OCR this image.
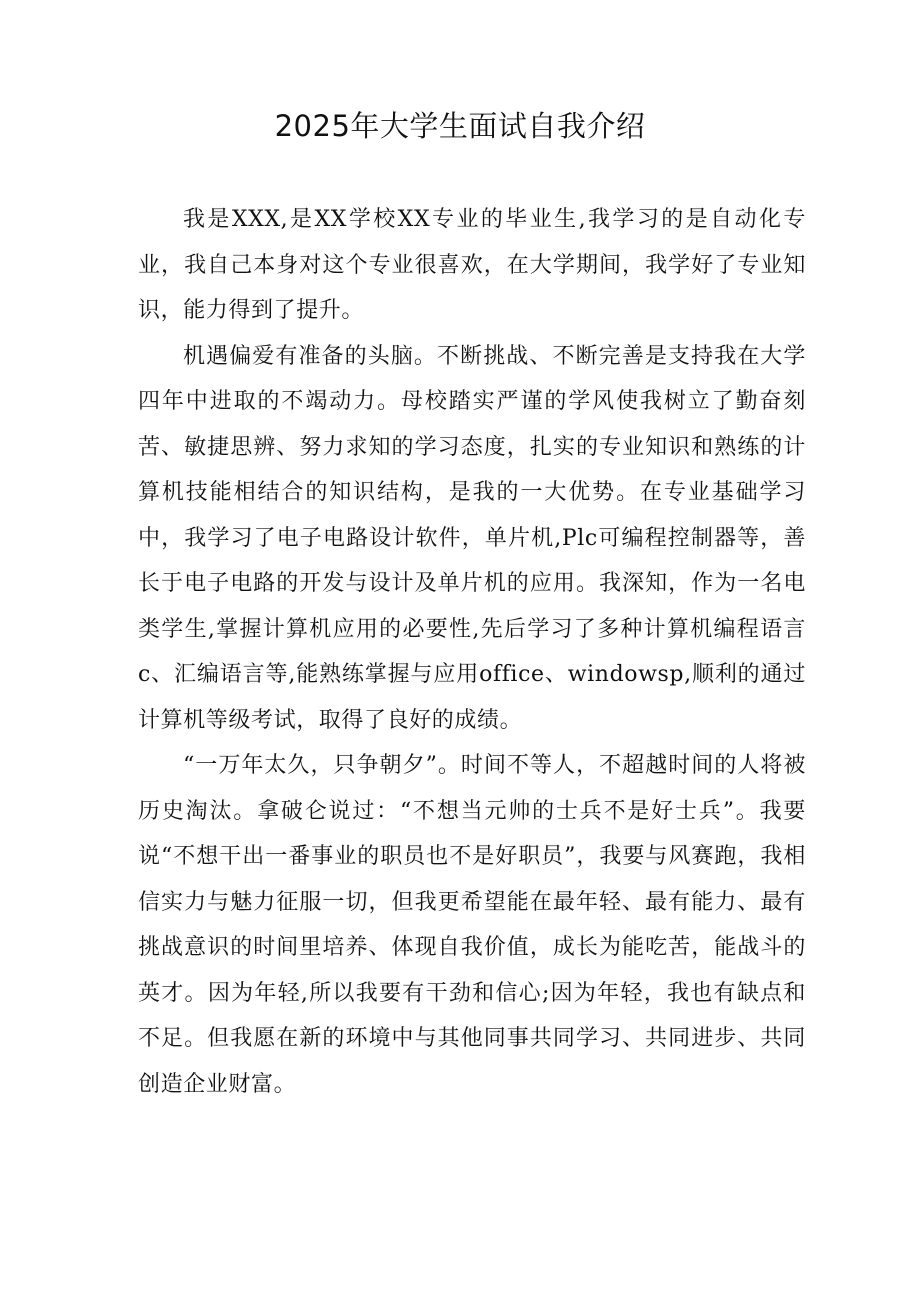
2025年大学生面试自我介绍

我是XXX,是XX学校XX专业的毕业生,我学习的是自动化专业，我自己本身对这个专业很喜欢，在大学期间，我学好了专业知识，能力得到了提升。

机遇偏爱有准备的头脑。不断挑战、不断完善是支持我在大学四年中进取的不竭动力。母校踏实严谨的学风使我树立了勤奋刻苦、敏捷思辨、努力求知的学习态度，扎实的专业知识和熟练的计算机技能相结合的知识结构，是我的一大优势。在专业基础学习中，我学习了电子电路设计软件，单片机,Plc可编程控制器等，善长于电子电路的开发与设计及单片机的应用。我深知，作为一名电类学生,掌握计算机应用的必要性,先后学习了多种计算机编程语言c、汇编语言等,能熟练掌握与应用office、windowsp,顺利的通过计算机等级考试，取得了良好的成绩。

“一万年太久，只争朝夕”。时间不等人，不超越时间的人将被历史淘汰。拿破仑说过：“不想当元帅的士兵不是好士兵”。我要说“不想干出一番事业的职员也不是好职员”，我要与风赛跑，我相信实力与魅力征服一切，但我更希望能在最年轻、最有能力、最有挑战意识的时间里培养、体现自我价值，成长为能吃苦，能战斗的英才。因为年轻,所以我要有干劲和信心;因为年轻，我也有缺点和不足。但我愿在新的环境中与其他同事共同学习、共同进步、共同创造企业财富。
